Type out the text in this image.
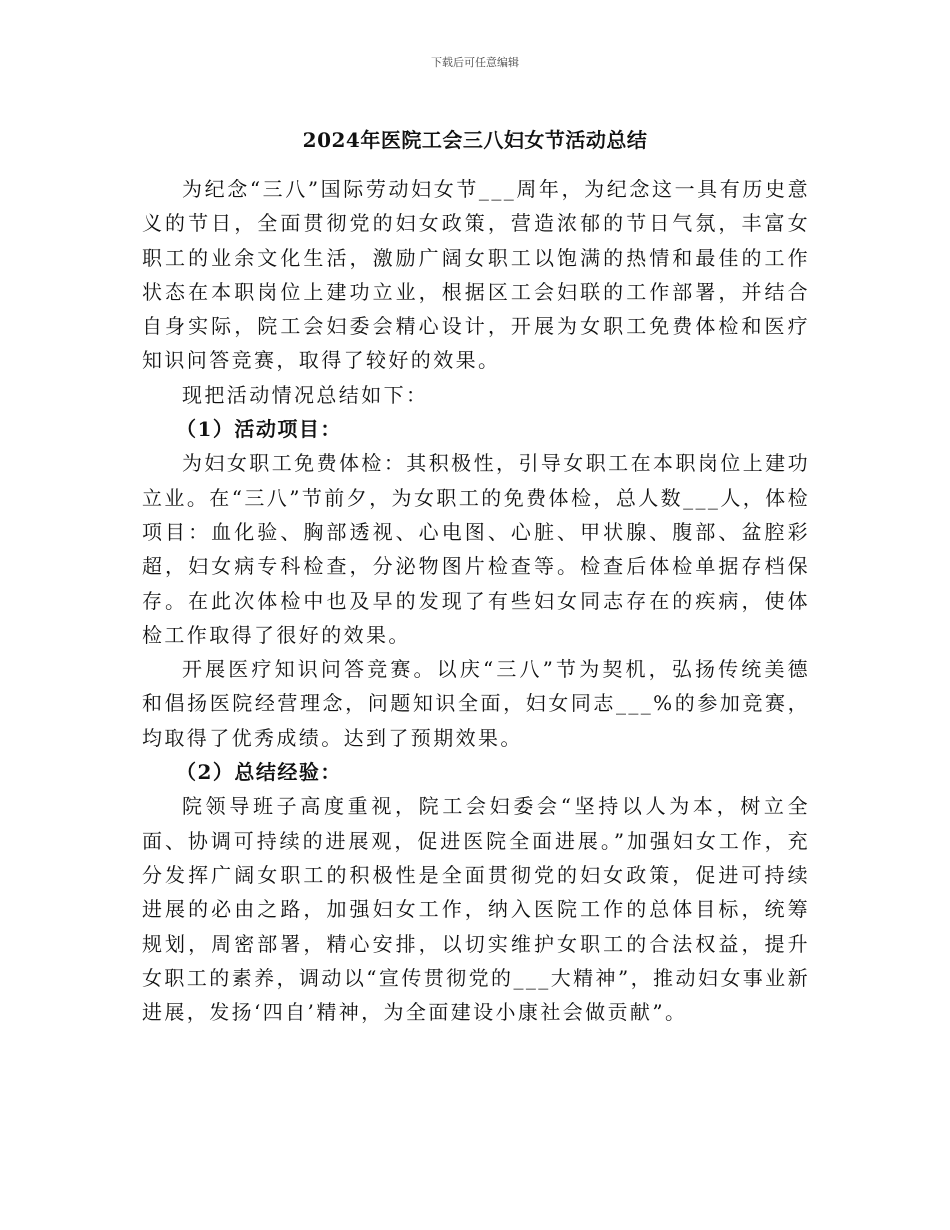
下载后可任意编辑
2024年医院工会三八妇女节活动总结

为纪念“三八”国际劳动妇女节___周年，为纪念这一具有历史意义的节日，全面贯彻党的妇女政策，营造浓郁的节日气氛，丰富女职工的业余文化生活，激励广阔女职工以饱满的热情和最佳的工作状态在本职岗位上建功立业，根据区工会妇联的工作部署，并结合自身实际，院工会妇委会精心设计，开展为女职工免费体检和医疗知识问答竞赛，取得了较好的效果。

现把活动情况总结如下：

（1）活动项目：

为妇女职工免费体检：其积极性，引导女职工在本职岗位上建功立业。在“三八”节前夕，为女职工的免费体检，总人数___人，体检项目：血化验、胸部透视、心电图、心脏、甲状腺、腹部、盆腔彩超，妇女病专科检查，分泌物图片检查等。检查后体检单据存档保存。在此次体检中也及早的发现了有些妇女同志存在的疾病，使体检工作取得了很好的效果。

开展医疗知识问答竞赛。以庆“三八”节为契机，弘扬传统美德和倡扬医院经营理念，问题知识全面，妇女同志___%的参加竞赛，均取得了优秀成绩。达到了预期效果。

（2）总结经验：

院领导班子高度重视，院工会妇委会“坚持以人为本，树立全面、协调可持续的进展观，促进医院全面进展。”加强妇女工作，充分发挥广阔女职工的积极性是全面贯彻党的妇女政策，促进可持续进展的必由之路，加强妇女工作，纳入医院工作的总体目标，统筹规划，周密部署，精心安排，以切实维护女职工的合法权益，提升女职工的素养，调动以“宣传贯彻党的___大精神”，推动妇女事业新进展，发扬‘四自’精神，为全面建设小康社会做贡献”。
